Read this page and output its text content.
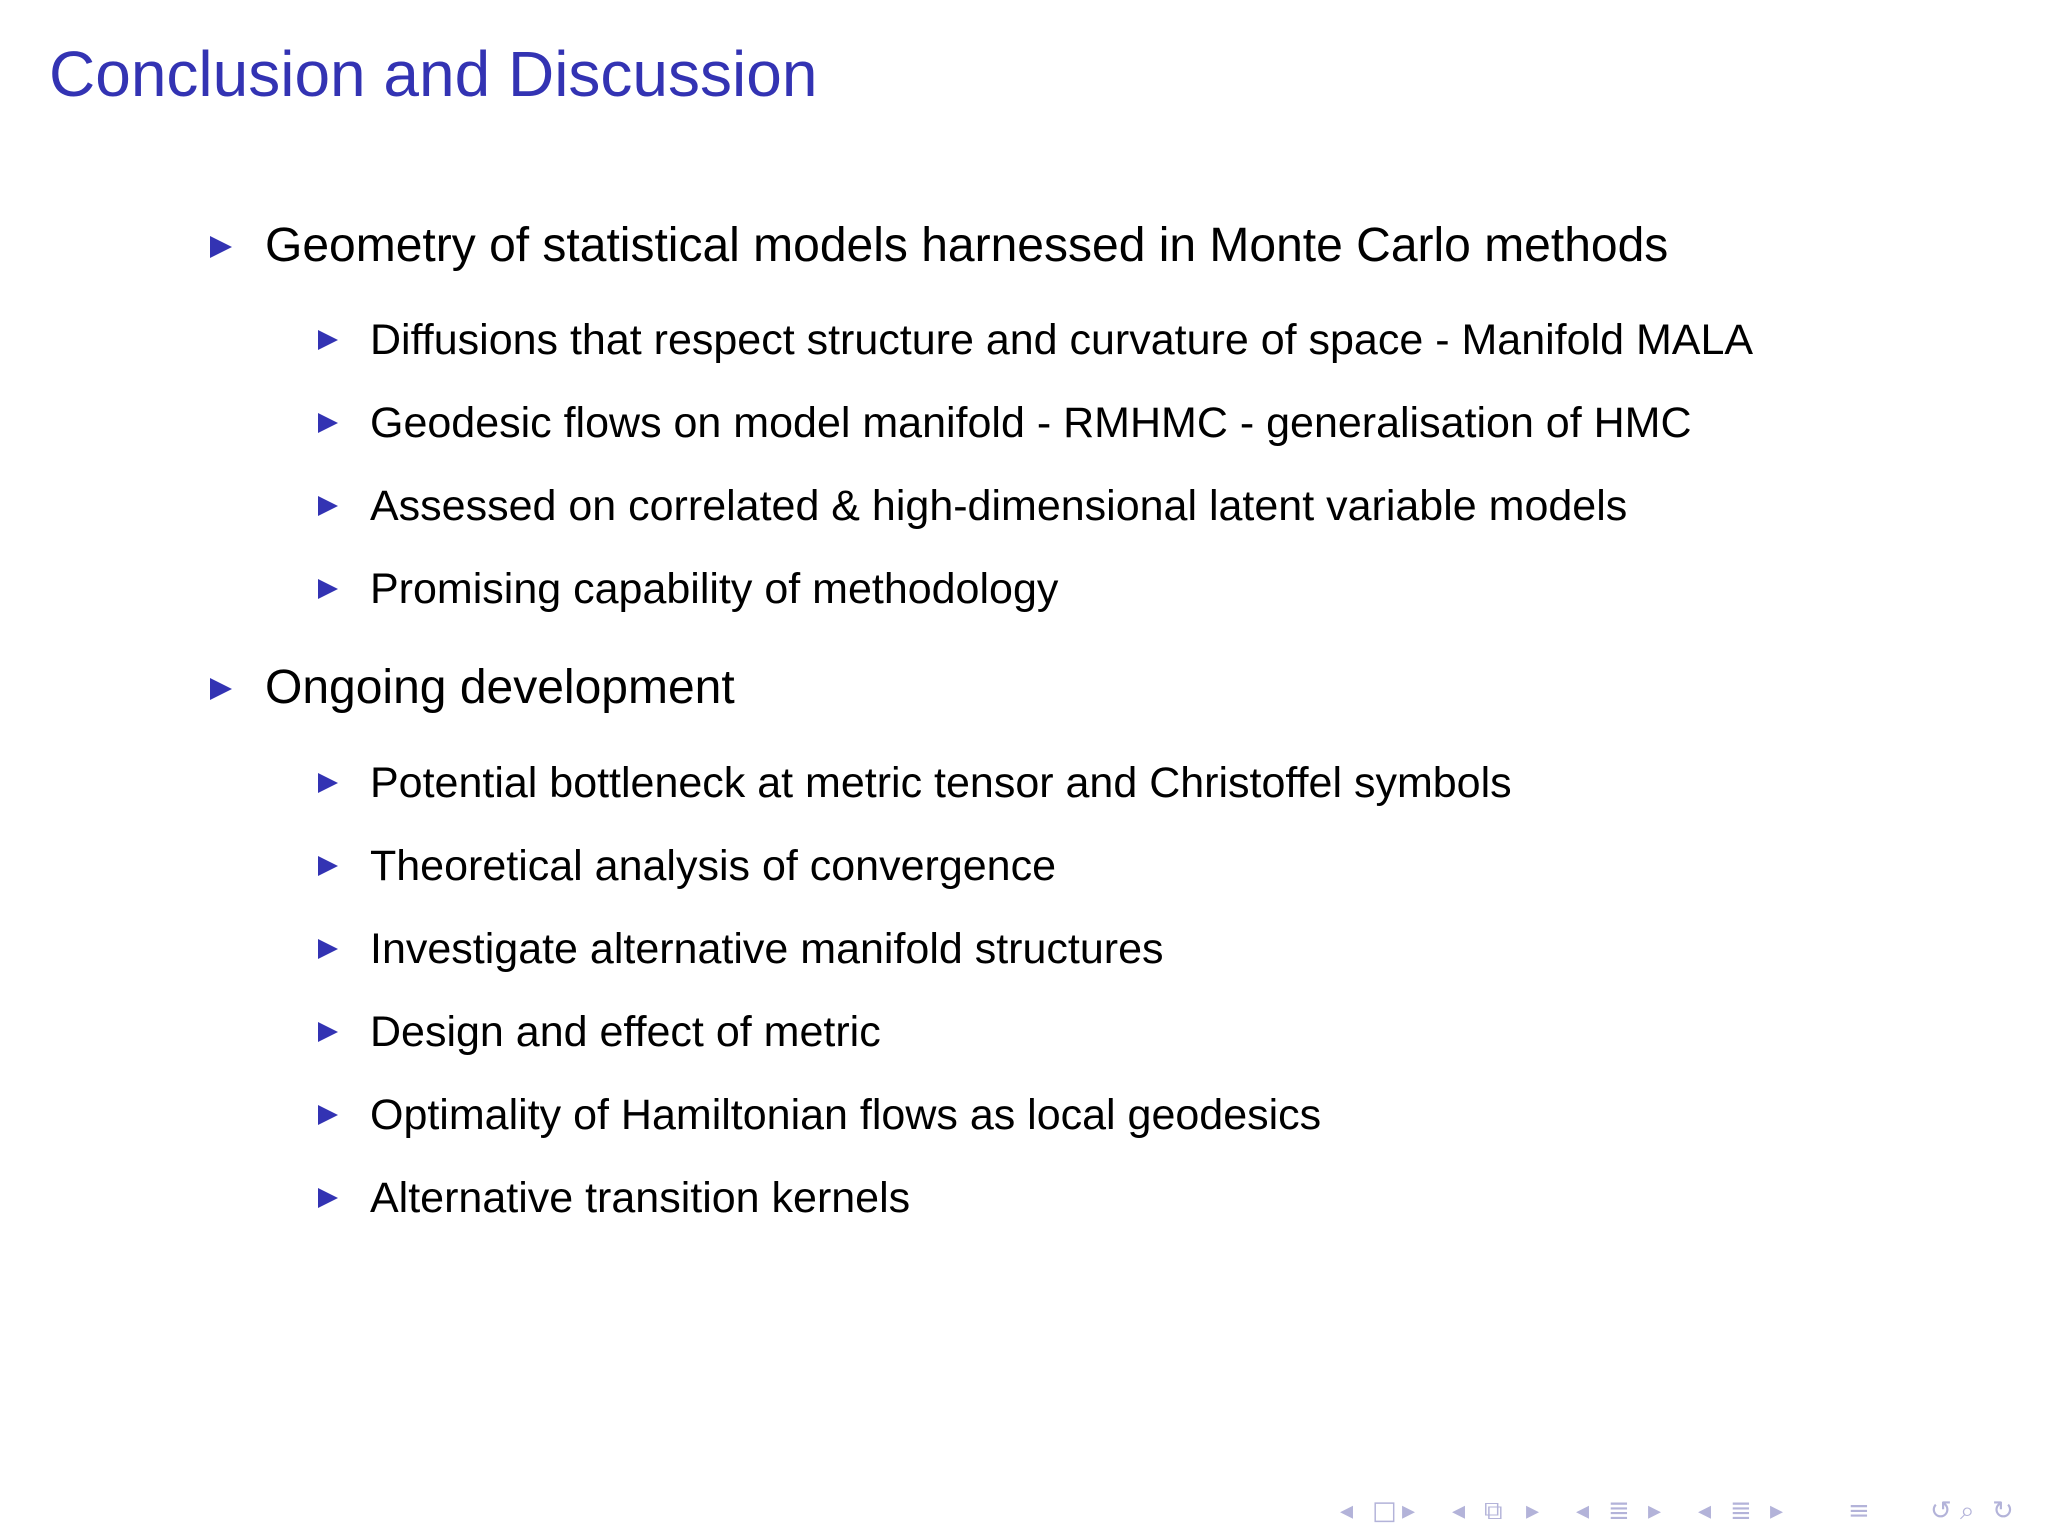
Conclusion and Discussion
Geometry of statistical models harnessed in Monte Carlo methods
Diffusions that respect structure and curvature of space - Manifold MALA
Geodesic flows on model manifold - RMHMC - generalisation of HMC
Assessed on correlated & high-dimensional latent variable models
Promising capability of methodology
Ongoing development
Potential bottleneck at metric tensor and Christoffel symbols
Theoretical analysis of convergence
Investigate alternative manifold structures
Design and effect of metric
Optimality of Hamiltonian flows as local geodesics
Alternative transition kernels
◂ □ ▸ ◂ ⧉ ▸ ◂ ≣ ▸ ◂ ≣ ▸ ≡ ↺ ⌕ ↻
